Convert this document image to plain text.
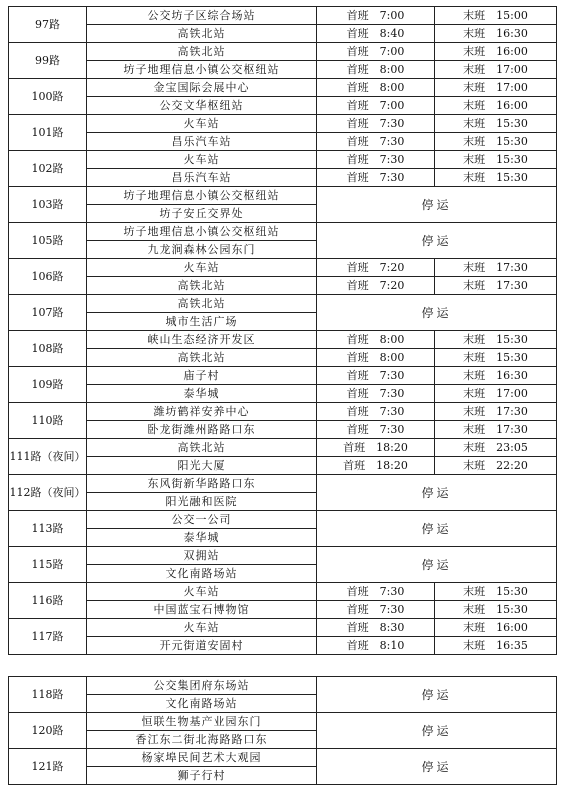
97路	公交坊子区综合场站	首班　7:00	末班　15:00
	高铁北站	首班　8:40	末班　16:30
99路	高铁北站	首班　7:00	末班　16:00
	坊子地理信息小镇公交枢纽站	首班　8:00	末班　17:00
100路	金宝国际会展中心	首班　8:00	末班　17:00
	公交文华枢纽站	首班　7:00	末班　16:00
101路	火车站	首班　7:30	末班　15:30
	昌乐汽车站	首班　7:30	末班　15:30
102路	火车站	首班　7:30	末班　15:30
	昌乐汽车站	首班　7:30	末班　15:30
103路	坊子地理信息小镇公交枢纽站	停运	
	坊子安丘交界处		
105路	坊子地理信息小镇公交枢纽站	停运	
	九龙涧森林公园东门		
106路	火车站	首班　7:20	末班　17:30
	高铁北站	首班　7:20	末班　17:30
107路	高铁北站	停运	
	城市生活广场		
108路	峡山生态经济开发区	首班　8:00	末班　15:30
	高铁北站	首班　8:00	末班　15:30
109路	庙子村	首班　7:30	末班　16:30
	泰华城	首班　7:30	末班　17:00
110路	潍坊鹤祥安养中心	首班　7:30	末班　17:30
	卧龙街潍州路路口东	首班　7:30	末班　17:30
111路（夜间）	高铁北站	首班　18:20	末班　23:05
	阳光大厦	首班　18:20	末班　22:20
112路（夜间）	东风街新华路路口东	停运	
	阳光融和医院		
113路	公交一公司	停运	
	泰华城		
115路	双拥站	停运	
	文化南路场站		
116路	火车站	首班　7:30	末班　15:30
	中国蓝宝石博物馆	首班　7:30	末班　15:30
117路	火车站	首班　8:30	末班　16:00
	开元街道安固村	首班　8:10	末班　16:35
118路	公交集团府东场站	停运
	文化南路场站	
120路	恒联生物基产业园东门	停运
	香江东二街北海路路口东	
121路	杨家埠民间艺术大观园	停运
	狮子行村	
